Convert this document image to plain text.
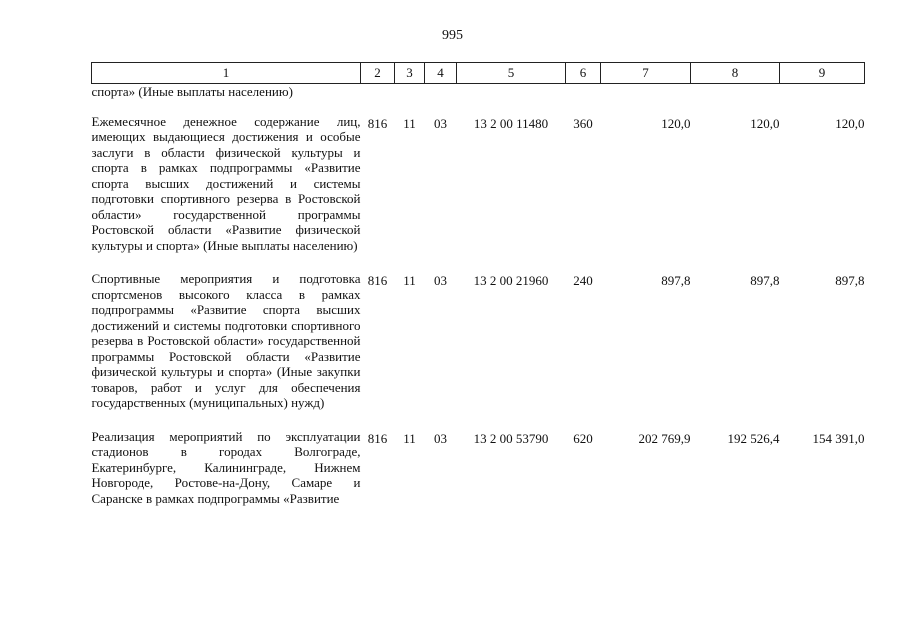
995
1	2	3	4	5	6	7	8	9
спорта» (Иные выплаты населению)								
Ежемесячное денежное содержание лиц, имеющих выдающиеся достижения и особые заслуги в области физической культуры и спорта в рамках подпрограммы «Развитие спорта высших достижений и системы подготовки спортивного резерва в Ростовской области» государственной программы Ростовской области «Развитие физической культуры и спорта» (Иные выплаты населению)	816	11	03	13 2 00 11480	360	120,0	120,0	120,0
Спортивные мероприятия и подготовка спортсменов высокого класса в рамках подпрограммы «Развитие спорта высших достижений и системы подготовки спортивного резерва в Ростовской области» государственной программы Ростовской области «Развитие физической культуры и спорта» (Иные закупки товаров, работ и услуг для обеспечения государственных (муниципальных) нужд)	816	11	03	13 2 00 21960	240	897,8	897,8	897,8
Реализация мероприятий по эксплуатации стадионов в городах Волгограде, Екатеринбурге, Калининграде, Нижнем Новгороде, Ростове-на-Дону, Самаре и Саранске в рамках подпрограммы «Развитие	816	11	03	13 2 00 53790	620	202 769,9	192 526,4	154 391,0
